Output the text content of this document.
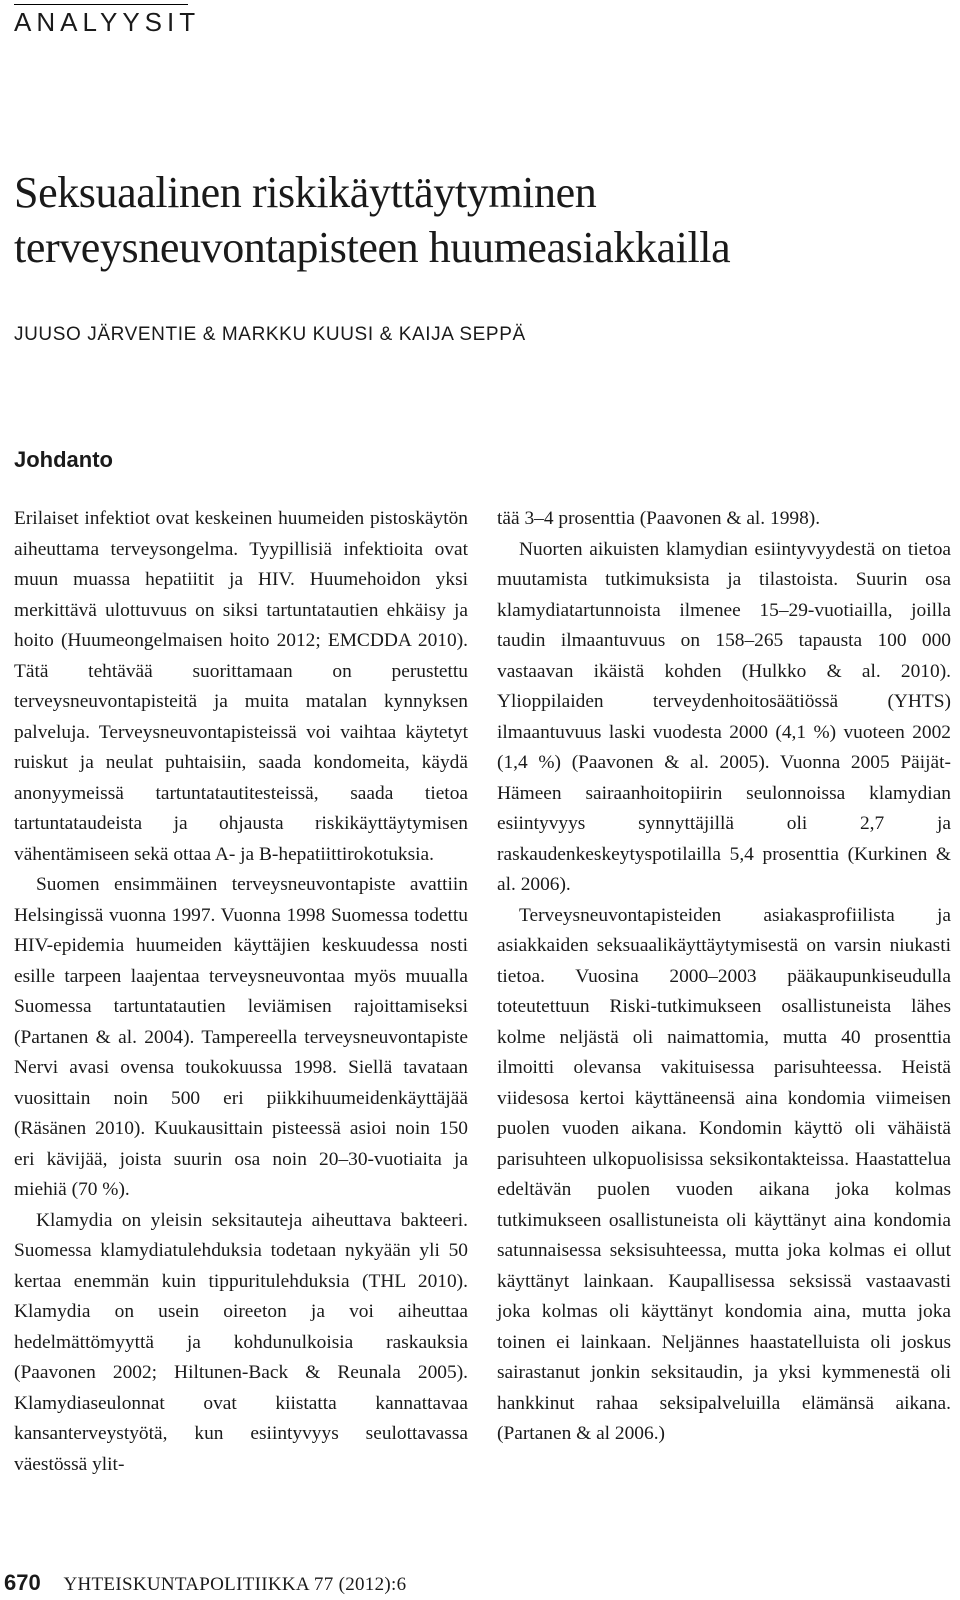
ANALYYSIT
Seksuaalinen riskikäyttäytyminen
terveysneuvontapisteen huumeasiakkailla
JUUSO JÄRVENTIE & MARKKU KUUSI & KAIJA SEPPÄ
Johdanto

Erilaiset infektiot ovat keskeinen huumeiden pistoskäytön aiheuttama terveysongelma. Tyypillisiä infektioita ovat muun muassa hepatiitit ja HIV. Huumehoidon yksi merkittävä ulottuvuus on siksi tartuntatautien ehkäisy ja hoito (Huumeongelmaisen hoito 2012; EMCDDA 2010). Tätä tehtävää suorittamaan on perustettu terveysneuvontapisteitä ja muita matalan kynnyksen palveluja. Terveysneuvontapisteissä voi vaihtaa käytetyt ruiskut ja neulat puhtaisiin, saada kondomeita, käydä anonyymeissä tartuntatautitesteissä, saada tietoa tartuntataudeista ja ohjausta riskikäyttäytymisen vähentämiseen sekä ottaa A- ja B-hepatiittirokotuksia.

Suomen ensimmäinen terveysneuvontapiste avattiin Helsingissä vuonna 1997. Vuonna 1998 Suomessa todettu HIV-epidemia huumeiden käyttäjien keskuudessa nosti esille tarpeen laajentaa terveysneuvontaa myös muualla Suomessa tartuntatautien leviämisen rajoittamiseksi (Partanen & al. 2004). Tampereella terveysneuvontapiste Nervi avasi ovensa toukokuussa 1998. Siellä tavataan vuosittain noin 500 eri piikkihuumeidenkäyttäjää (Räsänen 2010). Kuukausittain pisteessä asioi noin 150 eri kävijää, joista suurin osa noin 20–30-vuotiaita ja miehiä (70 %).

Klamydia on yleisin seksitauteja aiheuttava bakteeri. Suomessa klamydiatulehduksia todetaan nykyään yli 50 kertaa enemmän kuin tippuritulehduksia (THL 2010). Klamydia on usein oireeton ja voi aiheuttaa hedelmättömyyttä ja kohdunulkoisia raskauksia (Paavonen 2002; Hiltunen-Back & Reunala 2005). Klamydiaseulonnat ovat kiistatta kannattavaa kansanterveystyötä, kun esiintyvyys seulottavassa väestössä ylit-

tää 3–4 prosenttia (Paavonen & al. 1998).

Nuorten aikuisten klamydian esiintyvyydestä on tietoa muutamista tutkimuksista ja tilastoista. Suurin osa klamydiatartunnoista ilmenee 15–29-vuotiailla, joilla taudin ilmaantuvuus on 158–265 tapausta 100 000 vastaavan ikäistä kohden (Hulkko & al. 2010). Ylioppilaiden terveydenhoitosäätiössä (YHTS) ilmaantuvuus laski vuodesta 2000 (4,1 %) vuoteen 2002 (1,4 %) (Paavonen & al. 2005). Vuonna 2005 Päijät-Hämeen sairaanhoitopiirin seulonnoissa klamydian esiintyvyys synnyttäjillä oli 2,7 ja raskaudenkeskeytyspotilailla 5,4 prosenttia (Kurkinen & al. 2006).

Terveysneuvontapisteiden asiakasprofiilista ja asiakkaiden seksuaalikäyttäytymisestä on varsin niukasti tietoa. Vuosina 2000–2003 pääkaupunkiseudulla toteutettuun Riski-tutkimukseen osallistuneista lähes kolme neljästä oli naimattomia, mutta 40 prosenttia ilmoitti olevansa vakituisessa parisuhteessa. Heistä viidesosa kertoi käyttäneensä aina kondomia viimeisen puolen vuoden aikana. Kondomin käyttö oli vähäistä parisuhteen ulkopuolisissa seksikontakteissa. Haastattelua edeltävän puolen vuoden aikana joka kolmas tutkimukseen osallistuneista oli käyttänyt aina kondomia satunnaisessa seksisuhteessa, mutta joka kolmas ei ollut käyttänyt lainkaan. Kaupallisessa seksissä vastaavasti joka kolmas oli käyttänyt kondomia aina, mutta joka toinen ei lainkaan. Neljännes haastatelluista oli joskus sairastanut jonkin seksitaudin, ja yksi kymmenestä oli hankkinut rahaa seksipalveluilla elämänsä aikana. (Partanen & al 2006.)

670 YHTEISKUNTAPOLITIIKKA 77 (2012):6
